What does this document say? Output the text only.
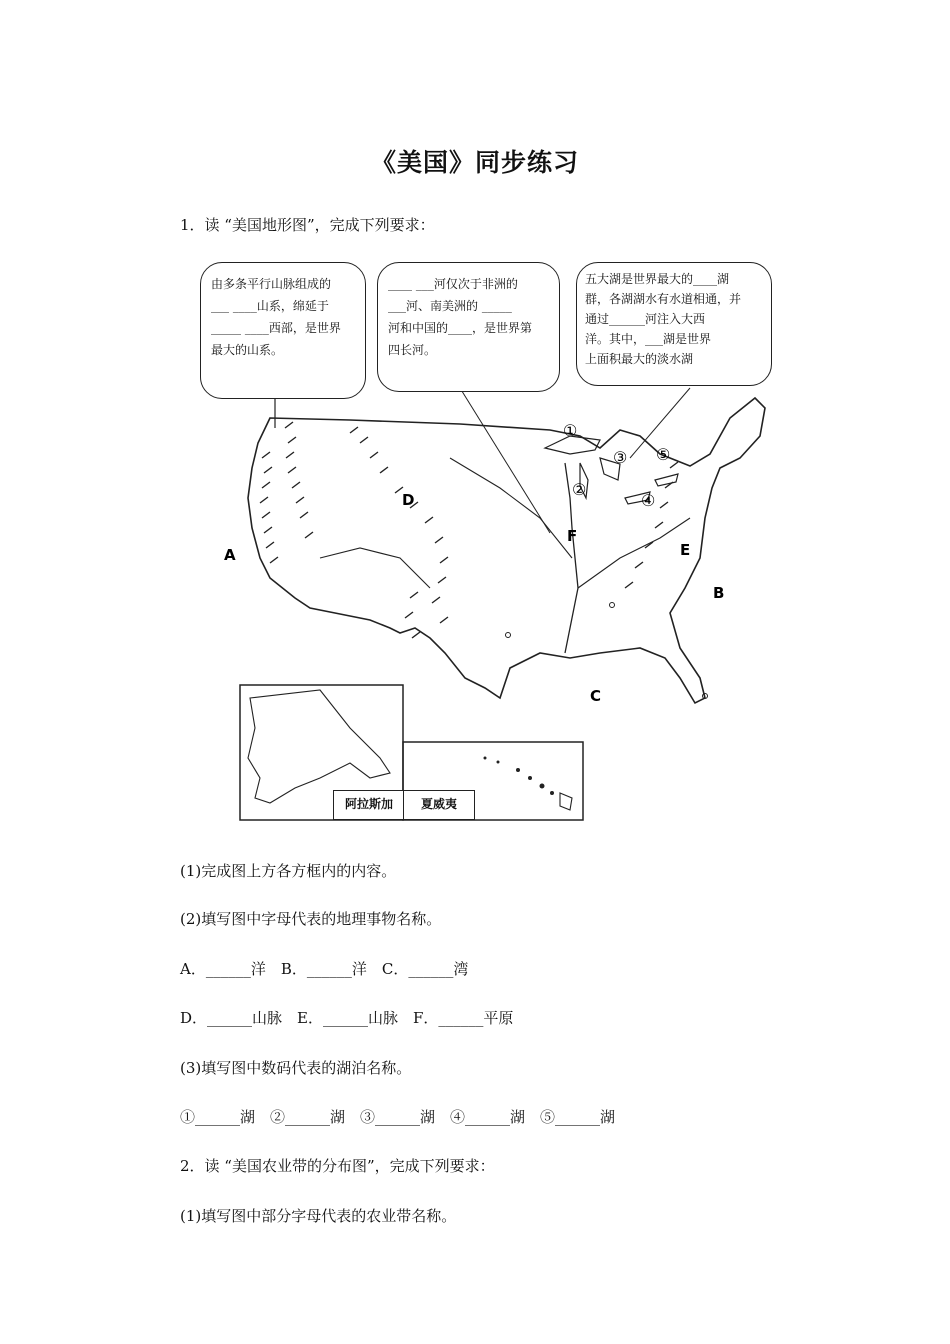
《美国》同步练习
1．读 “美国地形图”，完成下列要求：
A
B
C
D
E
F
①
②
③
④
⑤
由多条平行山脉组成的
___ ____山系，绵延于
_____ ____西部，是世界
最大的山系。
____ ___河仅次于非洲的
___河、南美洲的 _____
河和中国的____，是世界第
四长河。
五大湖是世界最大的____湖
群，各湖湖水有水道相通，并
通过______河注入大西
洋。其中，___湖是世界
上面积最大的淡水湖
阿拉斯加	夏威夷
(1)完成图上方各方框内的内容。
(2)填写图中字母代表的地理事物名称。
A．______洋　B．______洋　C．______湾
D．______山脉　E．______山脉　F．______平原
(3)填写图中数码代表的湖泊名称。
①______湖　②______湖　③______湖　④______湖　⑤______湖
2．读 “美国农业带的分布图”，完成下列要求：
(1)填写图中部分字母代表的农业带名称。
